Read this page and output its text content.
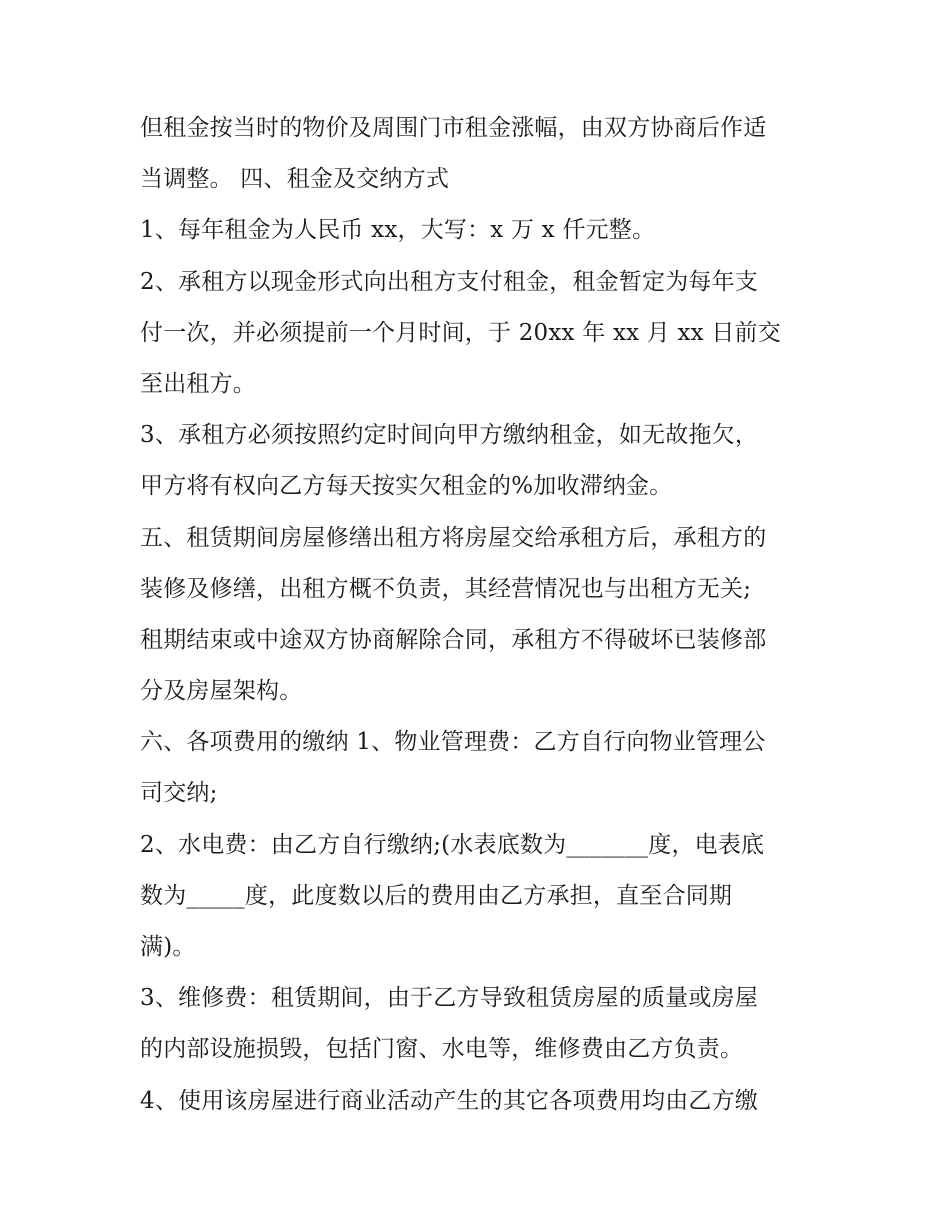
但租金按当时的物价及周围门市租金涨幅，由双方协商后作适
当调整。 四、租金及交纳方式
1、每年租金为人民币 xx，大写：x 万 x 仟元整。
2、承租方以现金形式向出租方支付租金，租金暂定为每年支
付一次，并必须提前一个月时间，于 20xx 年 xx 月 xx 日前交
至出租方。
3、承租方必须按照约定时间向甲方缴纳租金，如无故拖欠，
甲方将有权向乙方每天按实欠租金的%加收滞纳金。
五、租赁期间房屋修缮出租方将房屋交给承租方后，承租方的
装修及修缮，出租方概不负责，其经营情况也与出租方无关;
租期结束或中途双方协商解除合同，承租方不得破坏已装修部
分及房屋架构。
六、各项费用的缴纳 1、物业管理费：乙方自行向物业管理公
司交纳;
2、水电费：由乙方自行缴纳;(水表底数为_______度，电表底
数为_____度，此度数以后的费用由乙方承担，直至合同期
满)。
3、维修费：租赁期间，由于乙方导致租赁房屋的质量或房屋
的内部设施损毁，包括门窗、水电等，维修费由乙方负责。
4、使用该房屋进行商业活动产生的其它各项费用均由乙方缴
